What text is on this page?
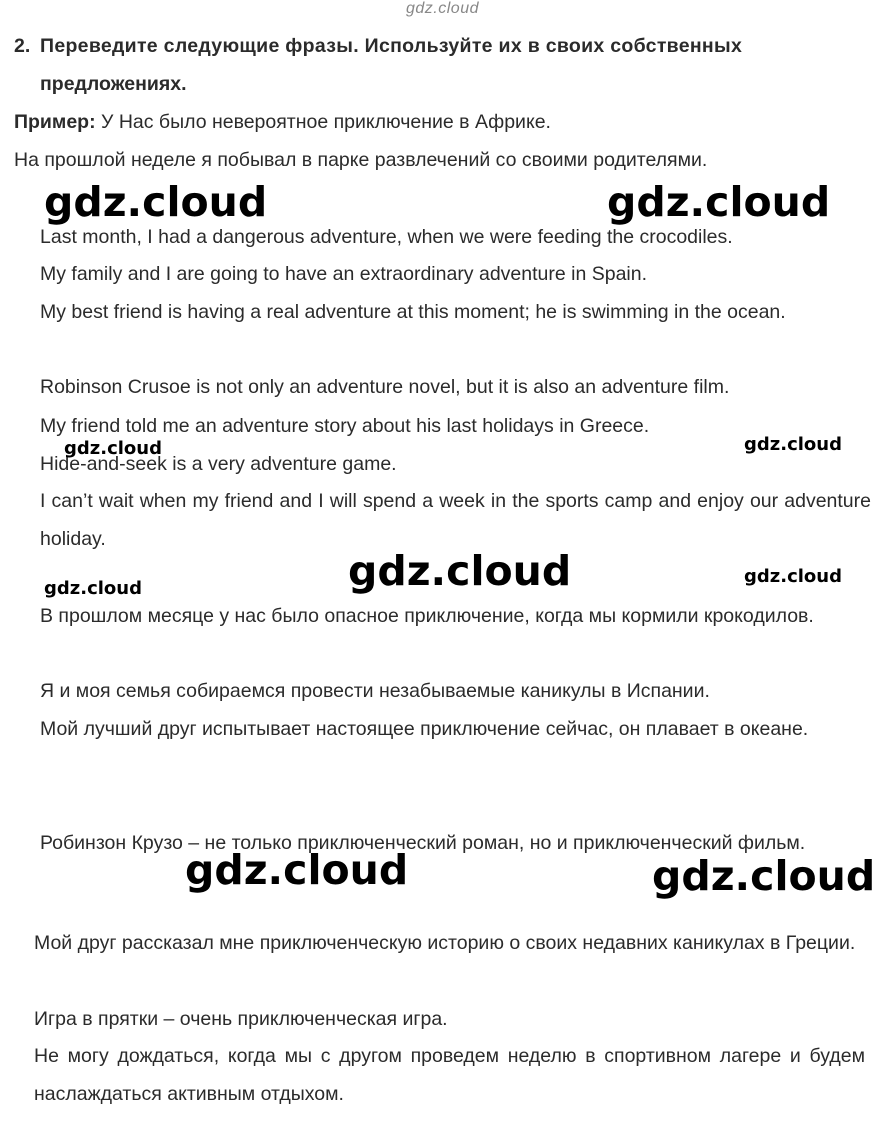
gdz.cloud
2. Переведите следующие фразы. Используйте их в своих собственных
предложениях.
Пример: У Нас было невероятное приключение в Африке.
На прошлой неделе я побывал в парке развлечений со своими родителями.
Last month, I had a dangerous adventure, when we were feeding the crocodiles.
My family and I are going to have an extraordinary adventure in Spain.
My best friend is having a real adventure at this moment; he is swimming in the ocean.
Robinson Crusoe is not only an adventure novel, but it is also an adventure film.
My friend told me an adventure story about his last holidays in Greece.
Hide-and-seek is a very adventure game.
I can’t wait when my friend and I will spend a week in the sports camp and enjoy our adventure holiday.
В прошлом месяце у нас было опасное приключение, когда мы кормили крокодилов.
Я и моя семья собираемся провести незабываемые каникулы в Испании.
Мой лучший друг испытывает настоящее приключение сейчас, он плавает в океане.
Робинзон Крузо – не только приключенческий роман, но и приключенческий фильм.
Мой друг рассказал мне приключенческую историю о своих недавних каникулах в Греции.
Игра в прятки – очень приключенческая игра.
Не могу дождаться, когда мы с другом проведем неделю в спортивном лагере и будем наслаждаться активным отдыхом.
gdz.cloud	gdz.cloud
gdz.cloud	gdz.cloud
gdz.cloud
gdz.cloud
gdz.cloud
gdz.cloud	gdz.cloud
